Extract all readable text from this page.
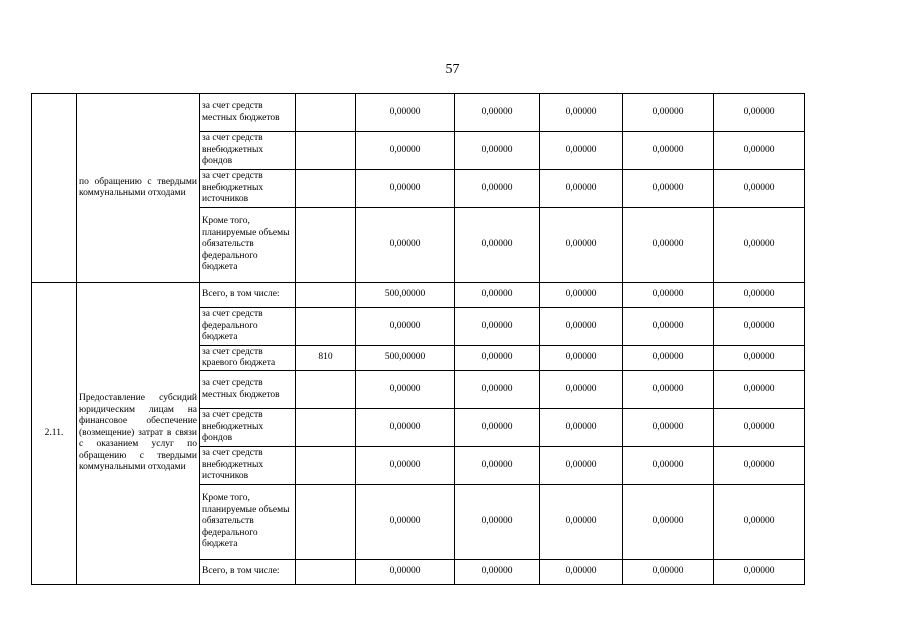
57
	по обращению с твердыми коммунальными отходами	за счет средств местных бюджетов		0,00000	0,00000	0,00000	0,00000	0,00000
		за счет средств внебюджетных фондов		0,00000	0,00000	0,00000	0,00000	0,00000
		за счет средств внебюджетных источников		0,00000	0,00000	0,00000	0,00000	0,00000
		Кроме того, планируемые объемы обязательств федерального бюджета		0,00000	0,00000	0,00000	0,00000	0,00000
2.11.	Предоставление субсидий юридическим лицам на финансовое обеспечение (возмещение) затрат в связи с оказанием услуг по обращению с твердыми коммунальными отходами	Всего, в том числе:		500,00000	0,00000	0,00000	0,00000	0,00000
		за счет средств федерального бюджета		0,00000	0,00000	0,00000	0,00000	0,00000
		за счет средств краевого бюджета	810	500,00000	0,00000	0,00000	0,00000	0,00000
		за счет средств местных бюджетов		0,00000	0,00000	0,00000	0,00000	0,00000
		за счет средств внебюджетных фондов		0,00000	0,00000	0,00000	0,00000	0,00000
		за счет средств внебюджетных источников		0,00000	0,00000	0,00000	0,00000	0,00000
		Кроме того, планируемые объемы обязательств федерального бюджета		0,00000	0,00000	0,00000	0,00000	0,00000
		Всего, в том числе:		0,00000	0,00000	0,00000	0,00000	0,00000
